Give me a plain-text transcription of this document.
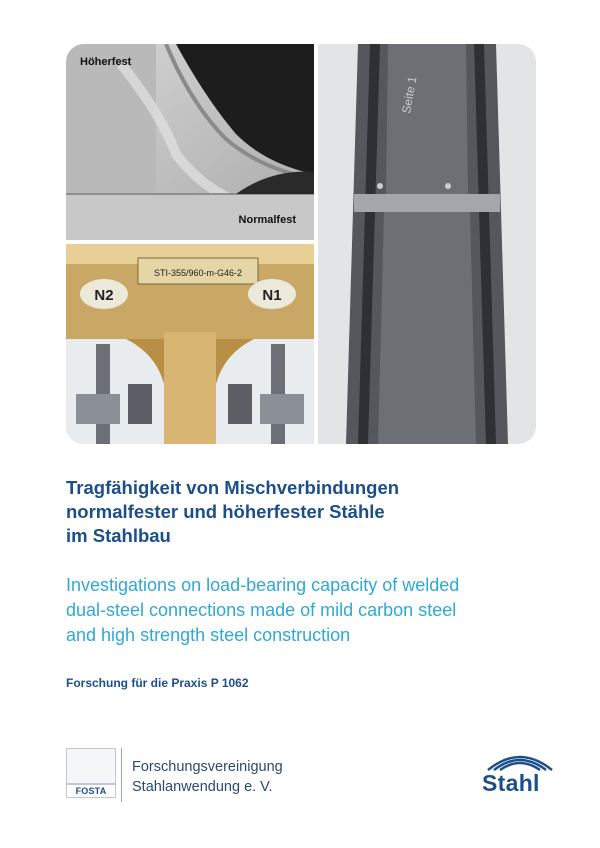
Höherfest
Normalfest
STI-355/960-m-G46-2
N2	N1
Seite 1
Tragfähigkeit von Mischverbindungen
normalfester und höherfester Stähle
im Stahlbau
Investigations on load-bearing capacity of welded
dual-steel connections made of mild carbon steel
and high strength steel construction
Forschung für die Praxis P 1062
FOSTA
Forschungsvereinigung
Stahlanwendung e. V.	Stahl
